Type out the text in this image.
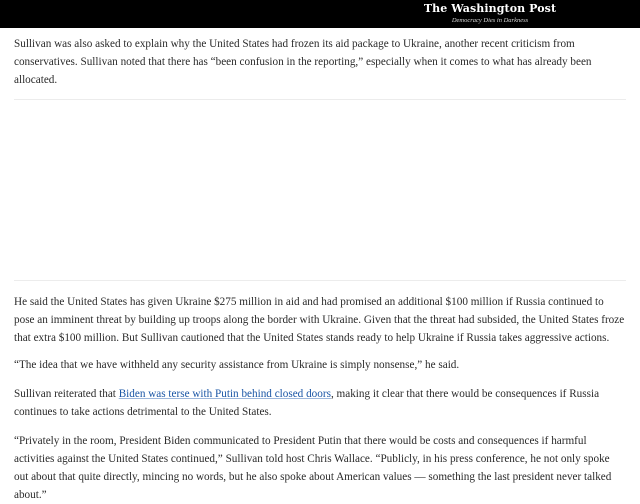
The Washington Post
Democracy Dies in Darkness

Sullivan was also asked to explain why the United States had frozen its aid package to Ukraine, another recent criticism from conservatives. Sullivan noted that there has “been confusion in the reporting,” especially when it comes to what has already been allocated.

He said the United States has given Ukraine $275 million in aid and had promised an additional $100 million if Russia continued to pose an imminent threat by building up troops along the border with Ukraine. Given that the threat had subsided, the United States froze that extra $100 million. But Sullivan cautioned that the United States stands ready to help Ukraine if Russia takes aggressive actions.

“The idea that we have withheld any security assistance from Ukraine is simply nonsense,” he said.

Sullivan reiterated that Biden was terse with Putin behind closed doors, making it clear that there would be consequences if Russia continues to take actions detrimental to the United States.

“Privately in the room, President Biden communicated to President Putin that there would be costs and consequences if harmful activities against the United States continued,” Sullivan told host Chris Wallace. “Publicly, in his press conference, he not only spoke out about that quite directly, mincing no words, but he also spoke about American values — something the last president never talked about.”
